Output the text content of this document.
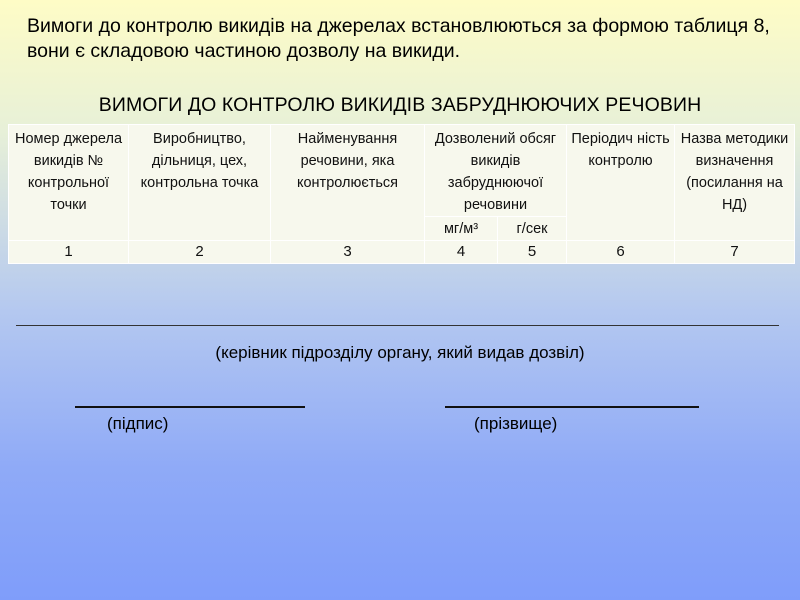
Вимоги до контролю викидів на джерелах встановлюються за формою таблиця 8, вони є складовою частиною дозволу на викиди.
ВИМОГИ ДО КОНТРОЛЮ ВИКИДІВ ЗАБРУДНЮЮЧИХ РЕЧОВИН
Номер джерела викидів № контрольної точки	Виробництво, дільниця, цех, контрольна точка	Найменування речовини, яка контролюється	Дозволений обсяг викидів забруднюючої речовини		Періодич ність контролю	Назва методики визначення (посилання на НД)
			мг/м³	г/сек		
1	2	3	4	5	6	7
(керівник підрозділу органу, який видав дозвіл)
(підпис)	(прізвище)
